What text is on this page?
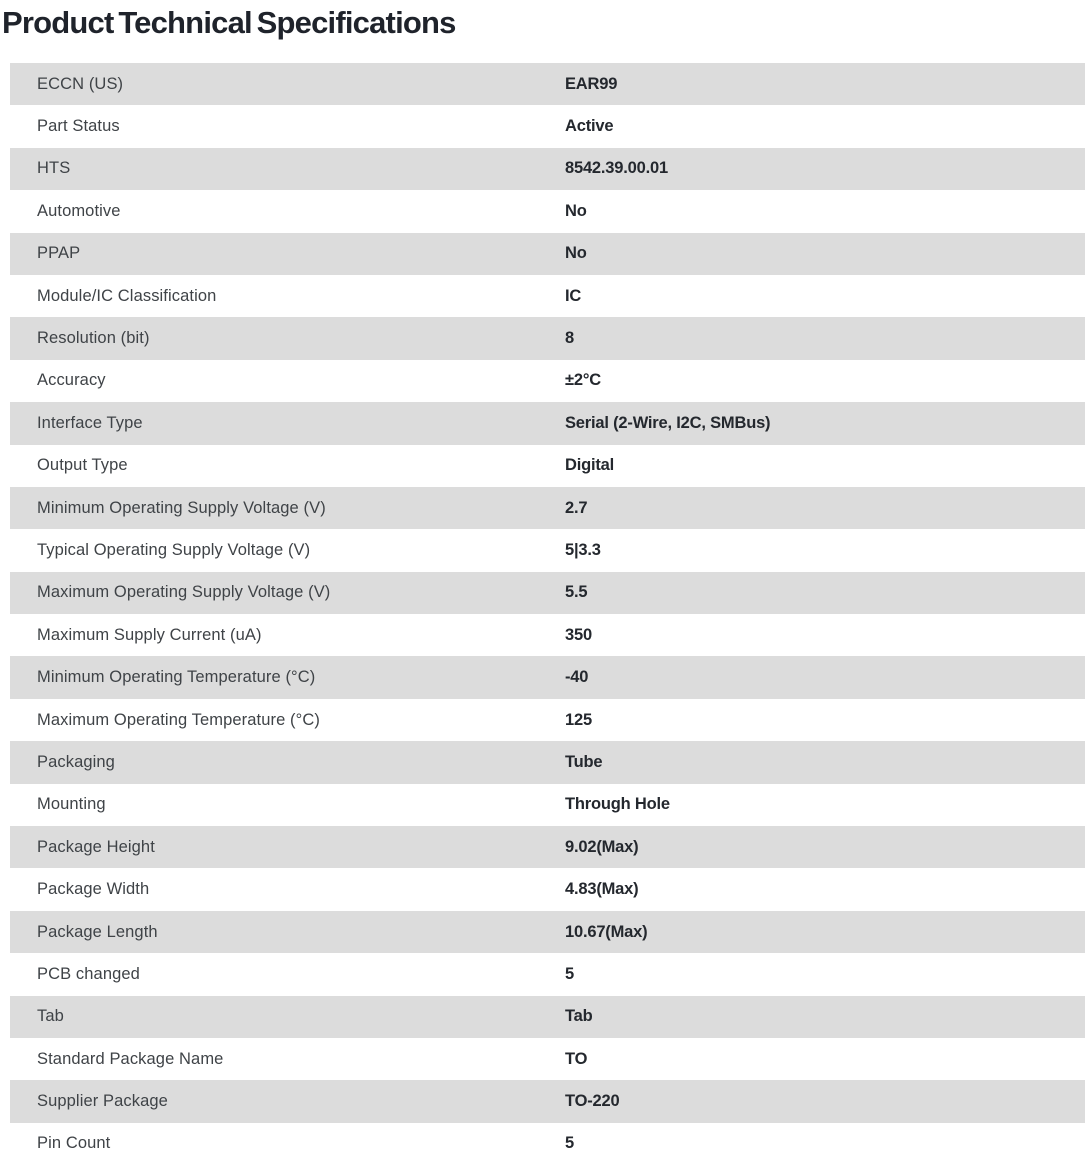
Product Technical Specifications
ECCN (US)	EAR99
Part Status	Active
HTS	8542.39.00.01
Automotive	No
PPAP	No
Module/IC Classification	IC
Resolution (bit)	8
Accuracy	±2°C
Interface Type	Serial (2-Wire, I2C, SMBus)
Output Type	Digital
Minimum Operating Supply Voltage (V)	2.7
Typical Operating Supply Voltage (V)	5|3.3
Maximum Operating Supply Voltage (V)	5.5
Maximum Supply Current (uA)	350
Minimum Operating Temperature (°C)	-40
Maximum Operating Temperature (°C)	125
Packaging	Tube
Mounting	Through Hole
Package Height	9.02(Max)
Package Width	4.83(Max)
Package Length	10.67(Max)
PCB changed	5
Tab	Tab
Standard Package Name	TO
Supplier Package	TO-220
Pin Count	5
